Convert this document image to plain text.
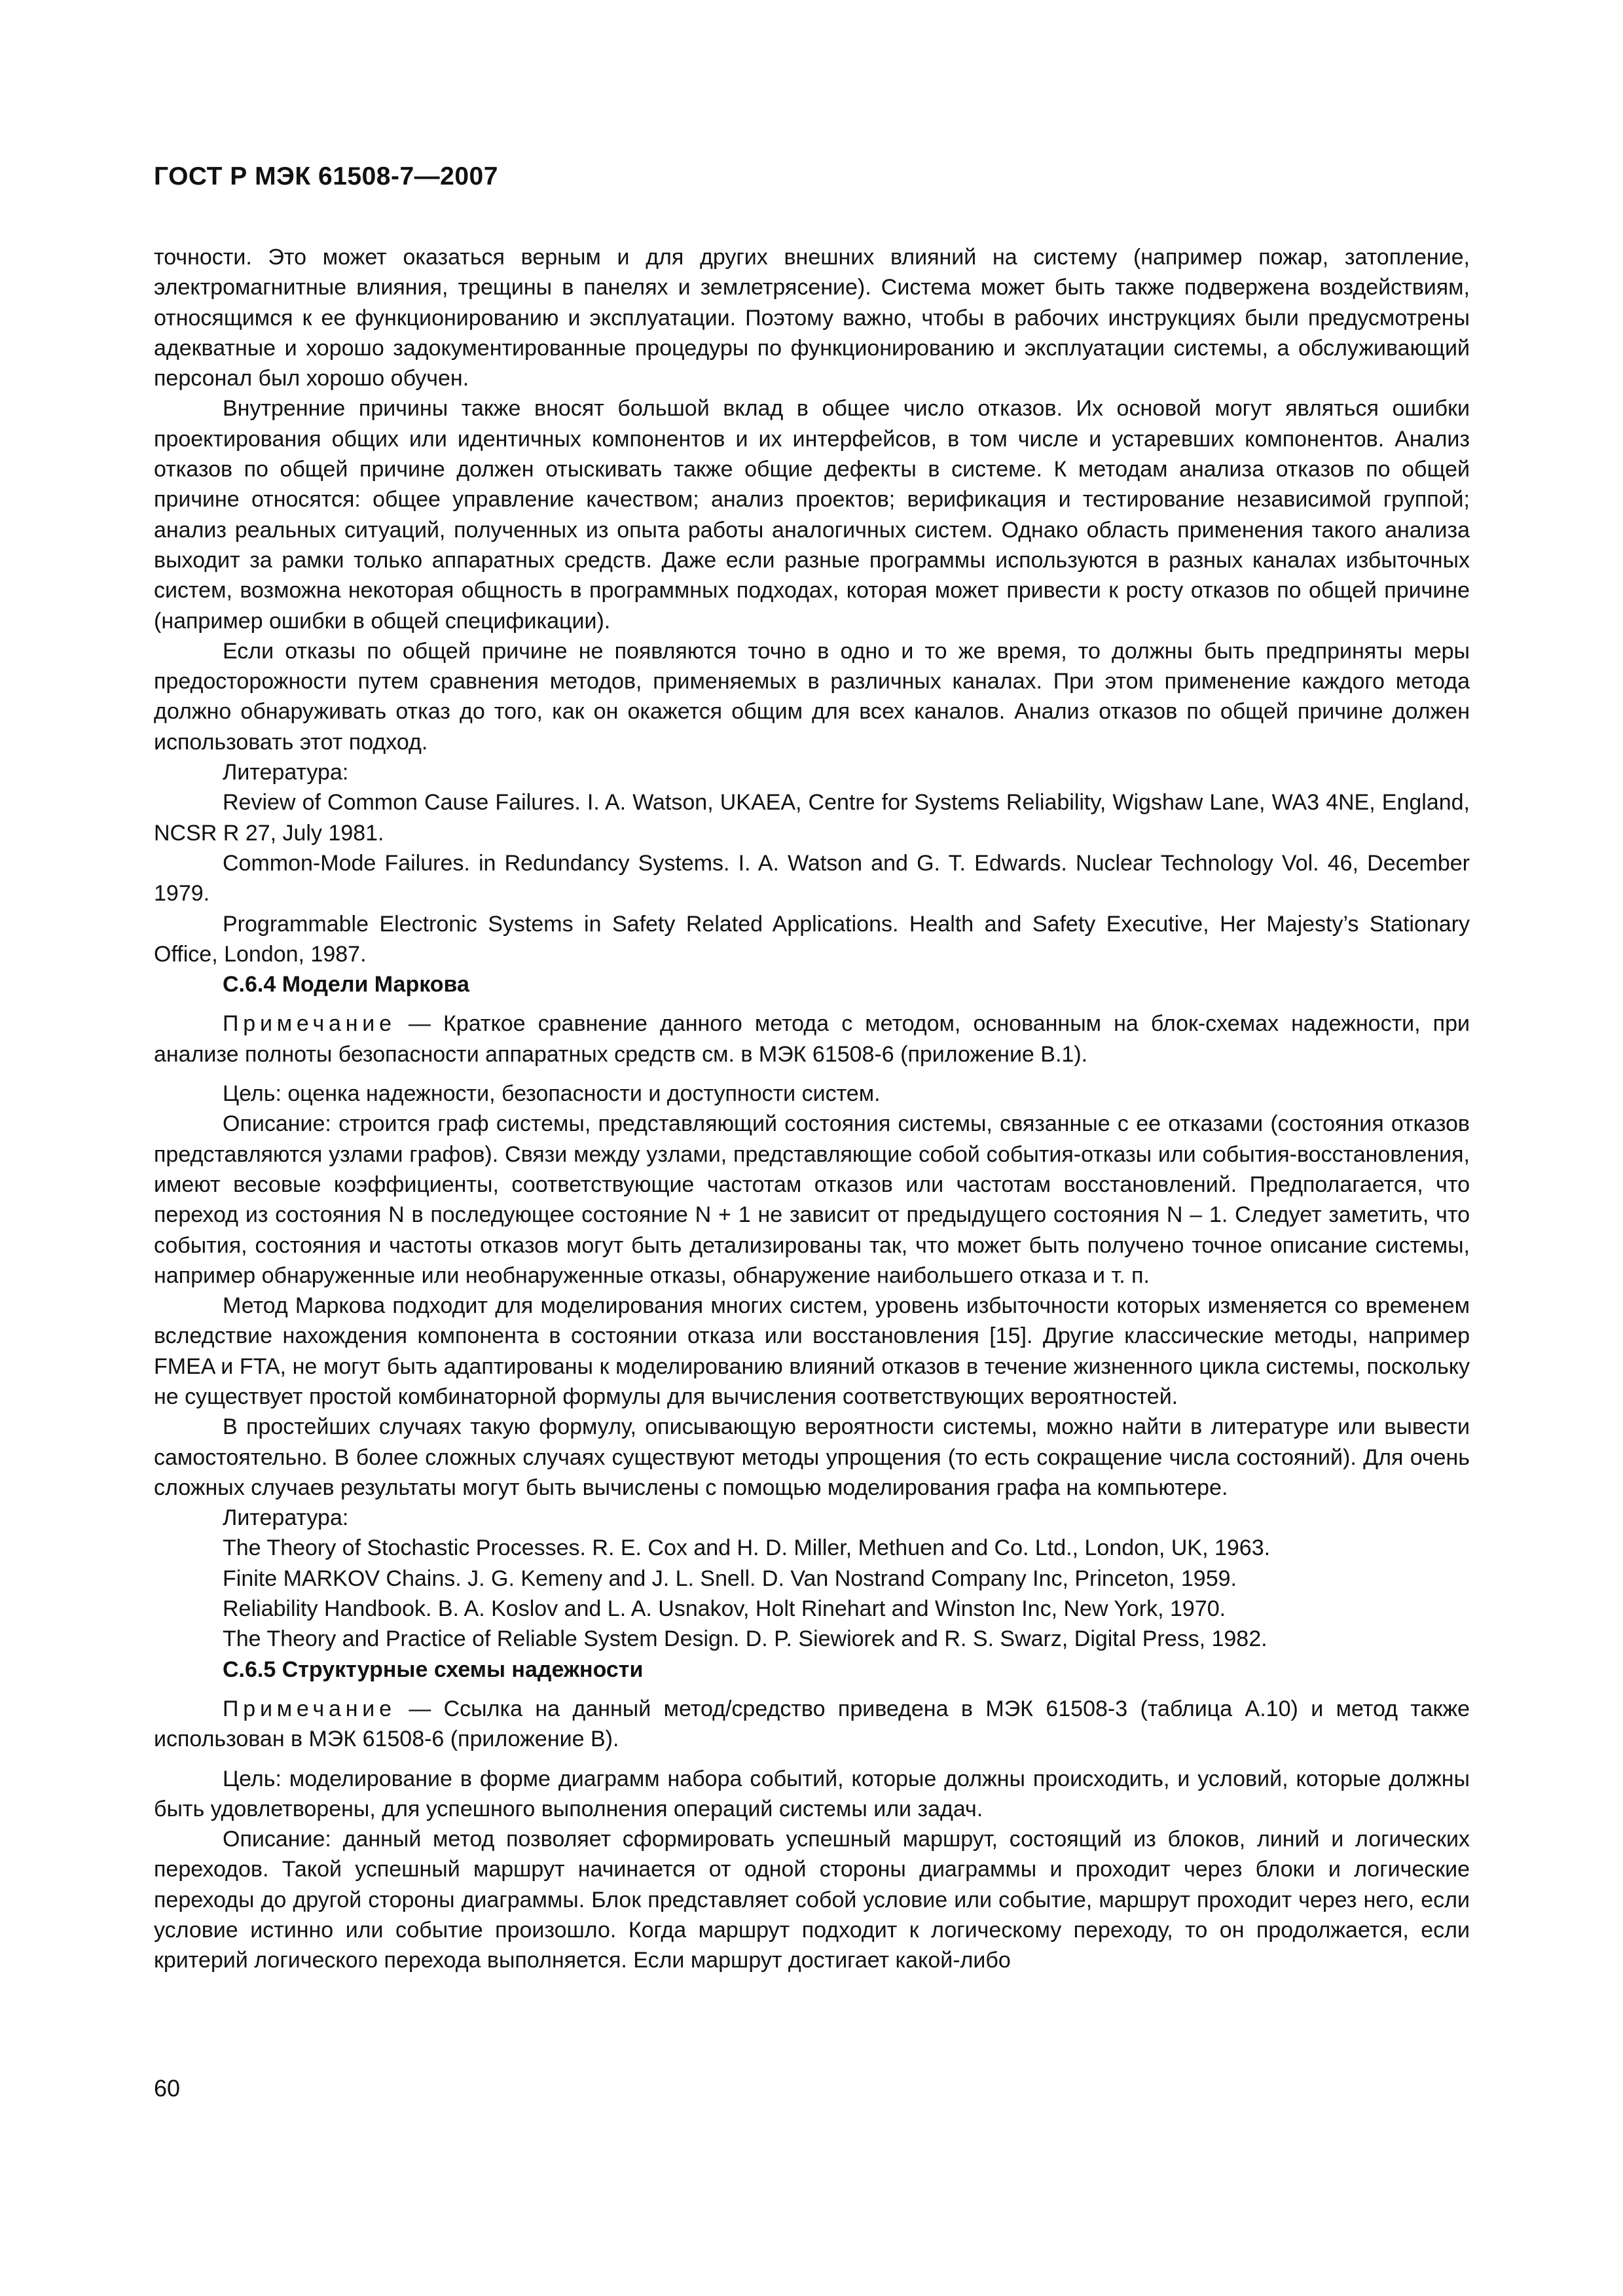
ГОСТ Р МЭК 61508-7—2007

точности. Это может оказаться верным и для других внешних влияний на систему (например пожар, затопление, электромагнитные влияния, трещины в панелях и землетрясение). Система может быть также подвержена воздействиям, относящимся к ее функционированию и эксплуатации. Поэтому важно, чтобы в рабочих инструкциях были предусмотрены адекватные и хорошо задокументированные процедуры по функционированию и эксплуатации системы, а обслуживающий персонал был хорошо обучен.

Внутренние причины также вносят большой вклад в общее число отказов. Их основой могут являться ошибки проектирования общих или идентичных компонентов и их интерфейсов, в том числе и устаревших компонентов. Анализ отказов по общей причине должен отыскивать также общие дефекты в системе. К методам анализа отказов по общей причине относятся: общее управление качеством; анализ проектов; верификация и тестирование независимой группой; анализ реальных ситуаций, полученных из опыта работы аналогичных систем. Однако область применения такого анализа выходит за рамки только аппаратных средств. Даже если разные программы используются в разных каналах избыточных систем, возможна некоторая общность в программных подходах, которая может привести к росту отказов по общей причине (например ошибки в общей спецификации).

Если отказы по общей причине не появляются точно в одно и то же время, то должны быть предприняты меры предосторожности путем сравнения методов, применяемых в различных каналах. При этом применение каждого метода должно обнаруживать отказ до того, как он окажется общим для всех каналов. Анализ отказов по общей причине должен использовать этот подход.

Литература:

Review of Common Cause Failures. I. A. Watson, UKAEA, Centre for Systems Reliability, Wigshaw Lane, WA3 4NE, England, NCSR R 27, July 1981.

Common-Mode Failures. in Redundancy Systems. I. A. Watson and G. T. Edwards. Nuclear Technology Vol. 46, December 1979.

Programmable Electronic Systems in Safety Related Applications. Health and Safety Executive, Her Majesty’s Stationary Office, London, 1987.

С.6.4 Модели Маркова

Примечание — Краткое сравнение данного метода с методом, основанным на блок-схемах надежности, при анализе полноты безопасности аппаратных средств см. в МЭК 61508-6 (приложение В.1).

Цель: оценка надежности, безопасности и доступности систем.

Описание: строится граф системы, представляющий состояния системы, связанные с ее отказами (состояния отказов представляются узлами графов). Связи между узлами, представляющие собой события-отказы или события-восстановления, имеют весовые коэффициенты, соответствующие частотам отказов или частотам восстановлений. Предполагается, что переход из состояния N в последующее состояние N + 1 не зависит от предыдущего состояния N – 1. Следует заметить, что события, состояния и частоты отказов могут быть детализированы так, что может быть получено точное описание системы, например обнаруженные или необнаруженные отказы, обнаружение наибольшего отказа и т. п.

Метод Маркова подходит для моделирования многих систем, уровень избыточности которых изменяется со временем вследствие нахождения компонента в состоянии отказа или восстановления [15]. Другие классические методы, например FMEA и FTA, не могут быть адаптированы к моделированию влияний отказов в течение жизненного цикла системы, поскольку не существует простой комбинаторной формулы для вычисления соответствующих вероятностей.

В простейших случаях такую формулу, описывающую вероятности системы, можно найти в литературе или вывести самостоятельно. В более сложных случаях существуют методы упрощения (то есть сокращение числа состояний). Для очень сложных случаев результаты могут быть вычислены с помощью моделирования графа на компьютере.

Литература:

The Theory of Stochastic Processes. R. E. Cox and H. D. Miller, Methuen and Co. Ltd., London, UK, 1963.

Finite MARKOV Chains. J. G. Kemeny and J. L. Snell. D. Van Nostrand Company Inc, Princeton, 1959.

Reliability Handbook. B. A. Koslov and L. A. Usnakov, Holt Rinehart and Winston Inc, New York, 1970.

The Theory and Practice of Reliable System Design. D. P. Siewiorek and R. S. Swarz, Digital Press, 1982.

С.6.5 Структурные схемы надежности

Примечание — Ссылка на данный метод/средство приведена в МЭК 61508-3 (таблица А.10) и метод также использован в МЭК 61508-6 (приложение В).

Цель: моделирование в форме диаграмм набора событий, которые должны происходить, и условий, которые должны быть удовлетворены, для успешного выполнения операций системы или задач.

Описание: данный метод позволяет сформировать успешный маршрут, состоящий из блоков, линий и логических переходов. Такой успешный маршрут начинается от одной стороны диаграммы и проходит через блоки и логические переходы до другой стороны диаграммы. Блок представляет собой условие или событие, маршрут проходит через него, если условие истинно или событие произошло. Когда маршрут подходит к логическому переходу, то он продолжается, если критерий логического перехода выполняется. Если маршрут достигает какой-либо

60
